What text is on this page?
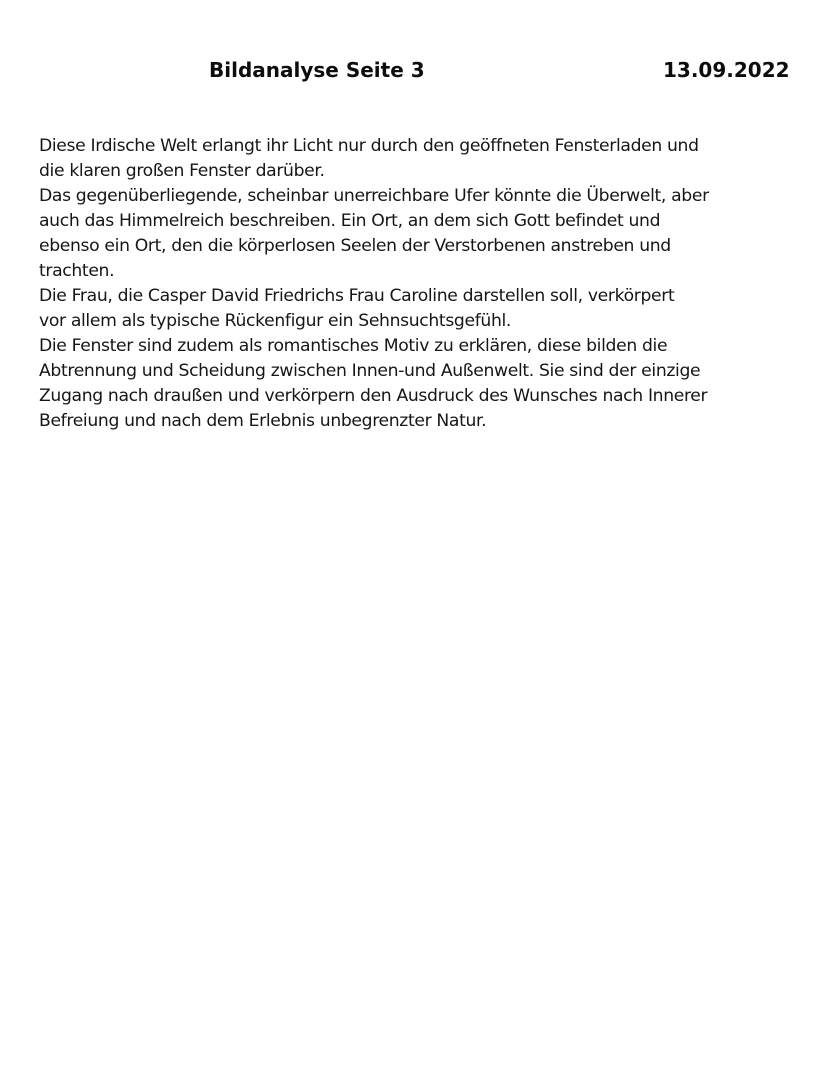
Bildanalyse Seite 3	13.09.2022
Diese Irdische Welt erlangt ihr Licht nur durch den geöffneten Fensterladen und
die klaren großen Fenster darüber.
Das gegenüberliegende, scheinbar unerreichbare Ufer könnte die Überwelt, aber
auch das Himmelreich beschreiben. Ein Ort, an dem sich Gott befindet und
ebenso ein Ort, den die körperlosen Seelen der Verstorbenen anstreben und
trachten.
Die Frau, die Casper David Friedrichs Frau Caroline darstellen soll, verkörpert
vor allem als typische Rückenfigur ein Sehnsuchtsgefühl.
Die Fenster sind zudem als romantisches Motiv zu erklären, diese bilden die
Abtrennung und Scheidung zwischen Innen-und Außenwelt. Sie sind der einzige
Zugang nach draußen und verkörpern den Ausdruck des Wunsches nach Innerer
Befreiung und nach dem Erlebnis unbegrenzter Natur.
